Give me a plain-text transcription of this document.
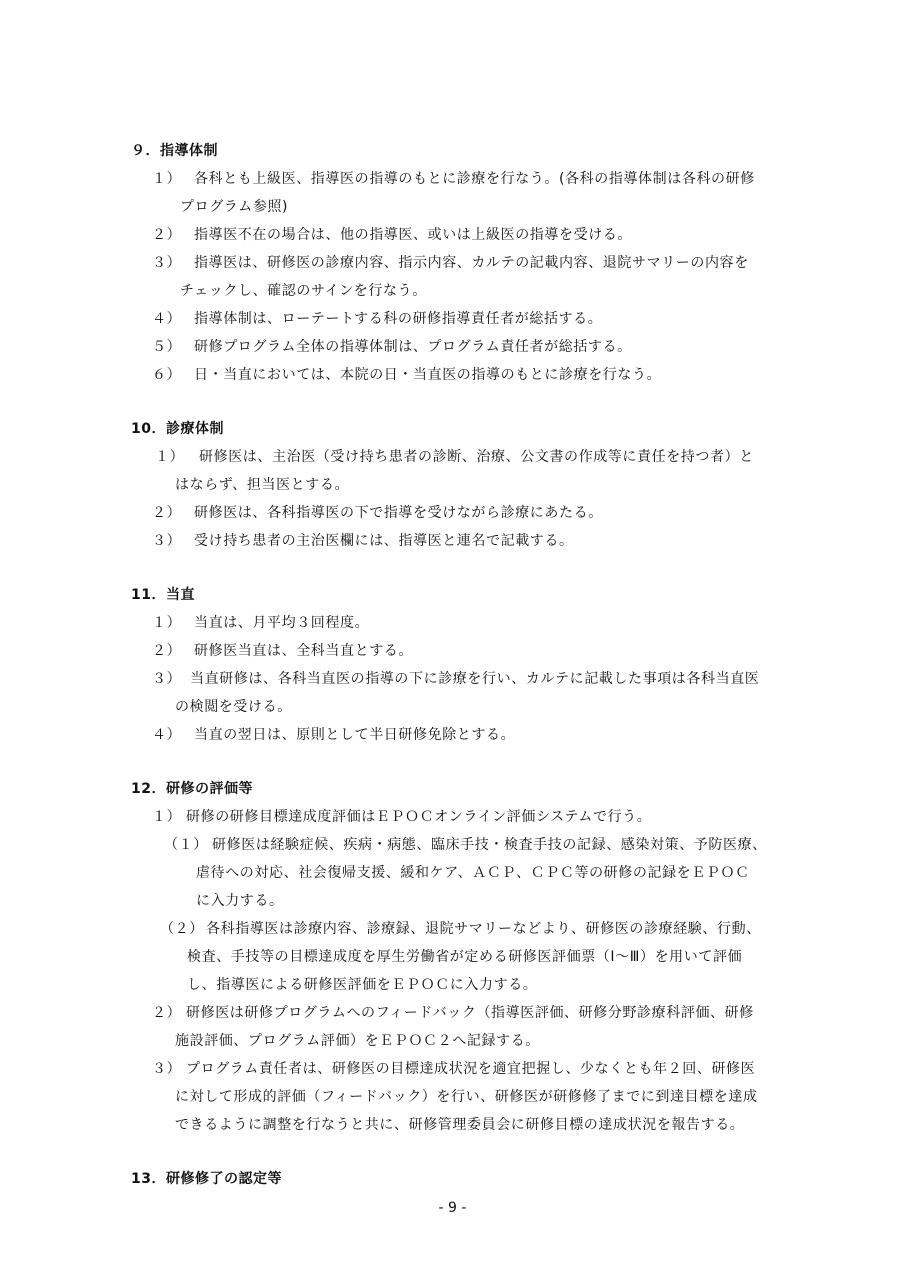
９．指導体制
１） 各科とも上級医、指導医の指導のもとに診療を行なう。(各科の指導体制は各科の研修
プログラム参照)
２） 指導医不在の場合は、他の指導医、或いは上級医の指導を受ける。
３） 指導医は、研修医の診療内容、指示内容、カルテの記載内容、退院サマリーの内容を
チェックし、確認のサインを行なう。
４） 指導体制は、ローテートする科の研修指導責任者が総括する。
５） 研修プログラム全体の指導体制は、プログラム責任者が総括する。
６） 日・当直においては、本院の日・当直医の指導のもとに診療を行なう。
10．診療体制
１） 研修医は、主治医（受け持ち患者の診断、治療、公文書の作成等に責任を持つ者）と
はならず、担当医とする。
２） 研修医は、各科指導医の下で指導を受けながら診療にあたる。
３） 受け持ち患者の主治医欄には、指導医と連名で記載する。
11．当直
１） 当直は、月平均３回程度。
２） 研修医当直は、全科当直とする。
３） 当直研修は、各科当直医の指導の下に診療を行い、カルテに記載した事項は各科当直医
の検閲を受ける。
４） 当直の翌日は、原則として半日研修免除とする。
12．研修の評価等
１） 研修の研修目標達成度評価はＥＰＯＣオンライン評価システムで行う。
（１） 研修医は経験症候、疾病・病態、臨床手技・検査手技の記録、感染対策、予防医療、
虐待への対応、社会復帰支援、緩和ケア、ＡＣＰ、ＣＰＣ等の研修の記録をＥＰＯＣ
に入力する。
（２） 各科指導医は診療内容、診療録、退院サマリーなどより、研修医の診療経験、行動、
検査、手技等の目標達成度を厚生労働省が定める研修医評価票（Ⅰ～Ⅲ）を用いて評価
し、指導医による研修医評価をＥＰＯＣに入力する。
２） 研修医は研修プログラムへのフィードバック（指導医評価、研修分野診療科評価、研修
施設評価、プログラム評価）をＥＰＯＣ２へ記録する。
３） プログラム責任者は、研修医の目標達成状況を適宜把握し、少なくとも年２回、研修医
に対して形成的評価（フィードバック）を行い、研修医が研修修了までに到達目標を達成
できるように調整を行なうと共に、研修管理委員会に研修目標の達成状況を報告する。
13．研修修了の認定等
- 9 -
